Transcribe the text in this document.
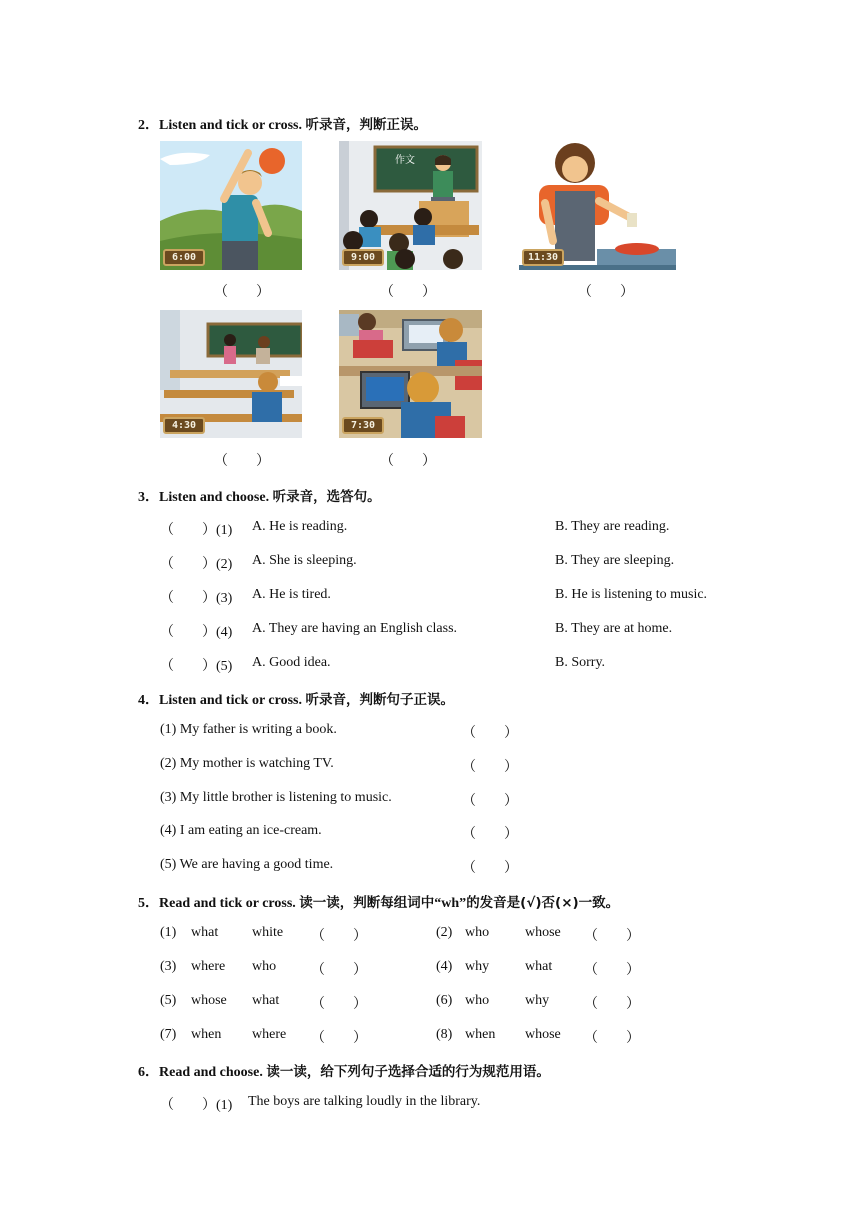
2．Listen and tick or cross. 听录音，判断正误。
6:00
作文
9:00	11:30
（　　）	（　　）	（　　）
4:30	7:30
（　　）	（　　）
3．Listen and choose. 听录音，选答句。
（　　）(1) A. He is reading.	B. They are reading.
（　　）(2) A. She is sleeping.	B. They are sleeping.
（　　）(3) A. He is tired.	B. He is listening to music.
（　　）(4) A. They are having an English class.	B. They are at home.
（　　）(5) A. Good idea.	B. Sorry.
4．Listen and tick or cross. 听录音，判断句子正误。
(1) My father is writing a book.	（　　）
(2) My mother is watching TV.	（　　）
(3) My little brother is listening to music.	（　　）
(4) I am eating an ice-cream.	（　　）
(5) We are having a good time.	（　　）
5．Read and tick or cross. 读一读，判断每组词中“wh”的发音是(√)否(×)一致。
(1) what white （　　）	(2) who	whose （　　）
(3) where who （　　）	(4) why	what （　　）
(5) whose what （　　）	(6) who	why （　　）
(7) when where （　　）	(8) when whose （　　）
6．Read and choose. 读一读，给下列句子选择合适的行为规范用语。
（　　）(1) The boys are talking loudly in the library.
